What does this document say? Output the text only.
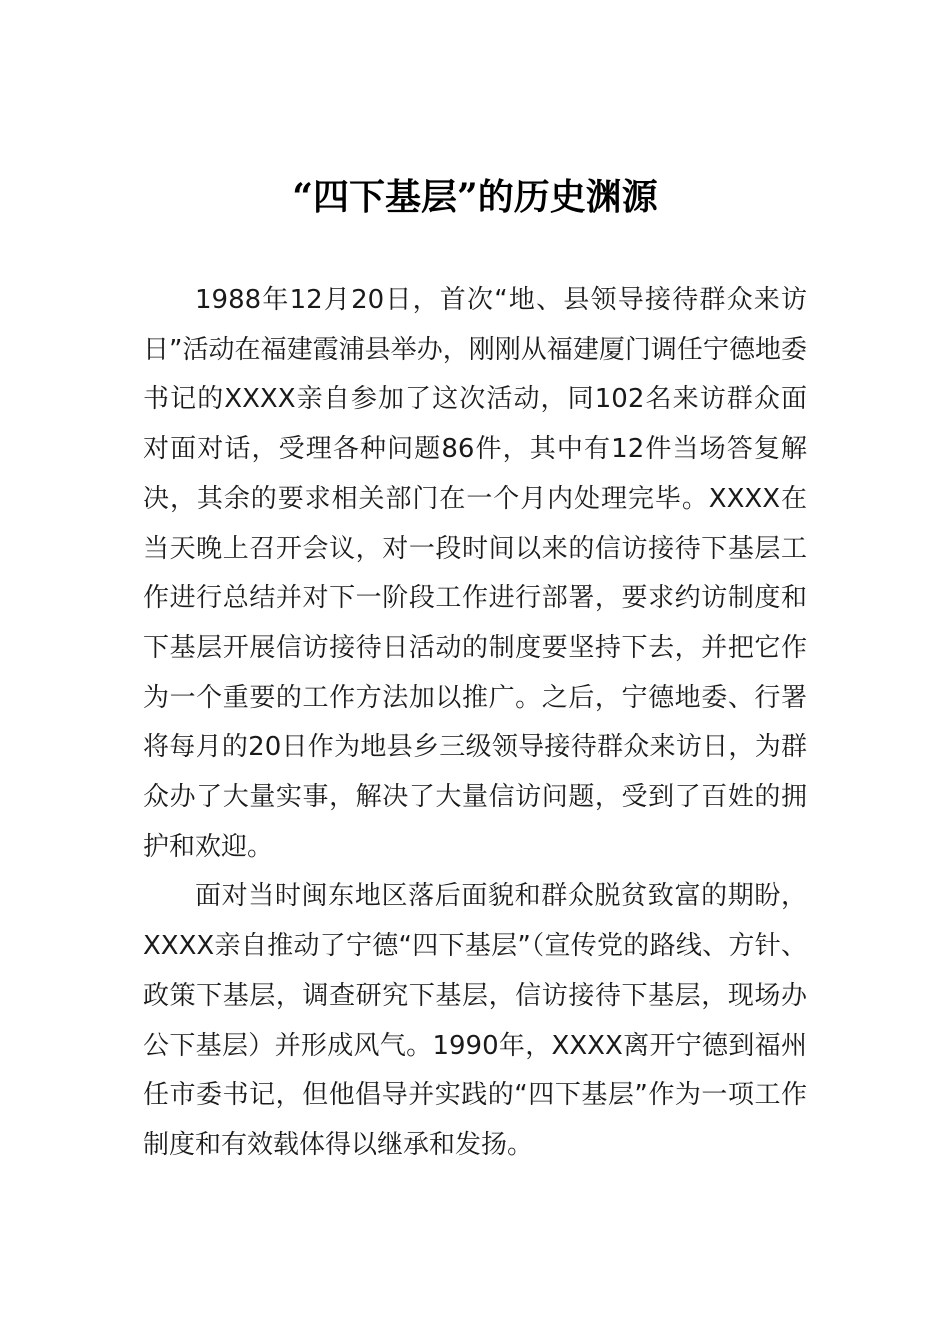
“四下基层”的历史渊源

1988年12月20日，首次“地、县领导接待群众来访日”活动在福建霞浦县举办，刚刚从福建厦门调任宁德地委书记的XXXX亲自参加了这次活动，同102名来访群众面对面对话，受理各种问题86件，其中有12件当场答复解决，其余的要求相关部门在一个月内处理完毕。XXXX在当天晚上召开会议，对一段时间以来的信访接待下基层工作进行总结并对下一阶段工作进行部署，要求约访制度和下基层开展信访接待日活动的制度要坚持下去，并把它作为一个重要的工作方法加以推广。之后，宁德地委、行署将每月的20日作为地县乡三级领导接待群众来访日，为群众办了大量实事，解决了大量信访问题，受到了百姓的拥护和欢迎。

面对当时闽东地区落后面貌和群众脱贫致富的期盼，XXXX亲自推动了宁德“四下基层”（宣传党的路线、方针、政策下基层，调查研究下基层，信访接待下基层，现场办公下基层）并形成风气。1990年，XXXX离开宁德到福州任市委书记，但他倡导并实践的“四下基层”作为一项工作制度和有效载体得以继承和发扬。
